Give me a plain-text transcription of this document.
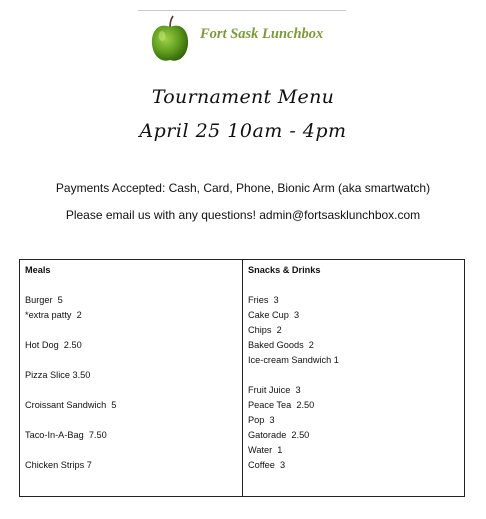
Fort Sask Lunchbox
Tournament Menu
April 25 10am - 4pm
Payments Accepted: Cash, Card, Phone, Bionic Arm (aka smartwatch)
Please email us with any questions! admin@fortsasklunchbox.com
Meals
Burger  5
*extra patty  2
Hot Dog  2.50
Pizza Slice 3.50
Croissant Sandwich  5
Taco-In-A-Bag  7.50
Chicken Strips 7
Snacks & Drinks
Fries  3
Cake Cup  3
Chips  2
Baked Goods  2
Ice-cream Sandwich 1
Fruit Juice  3
Peace Tea  2.50
Pop  3
Gatorade  2.50
Water  1
Coffee  3
